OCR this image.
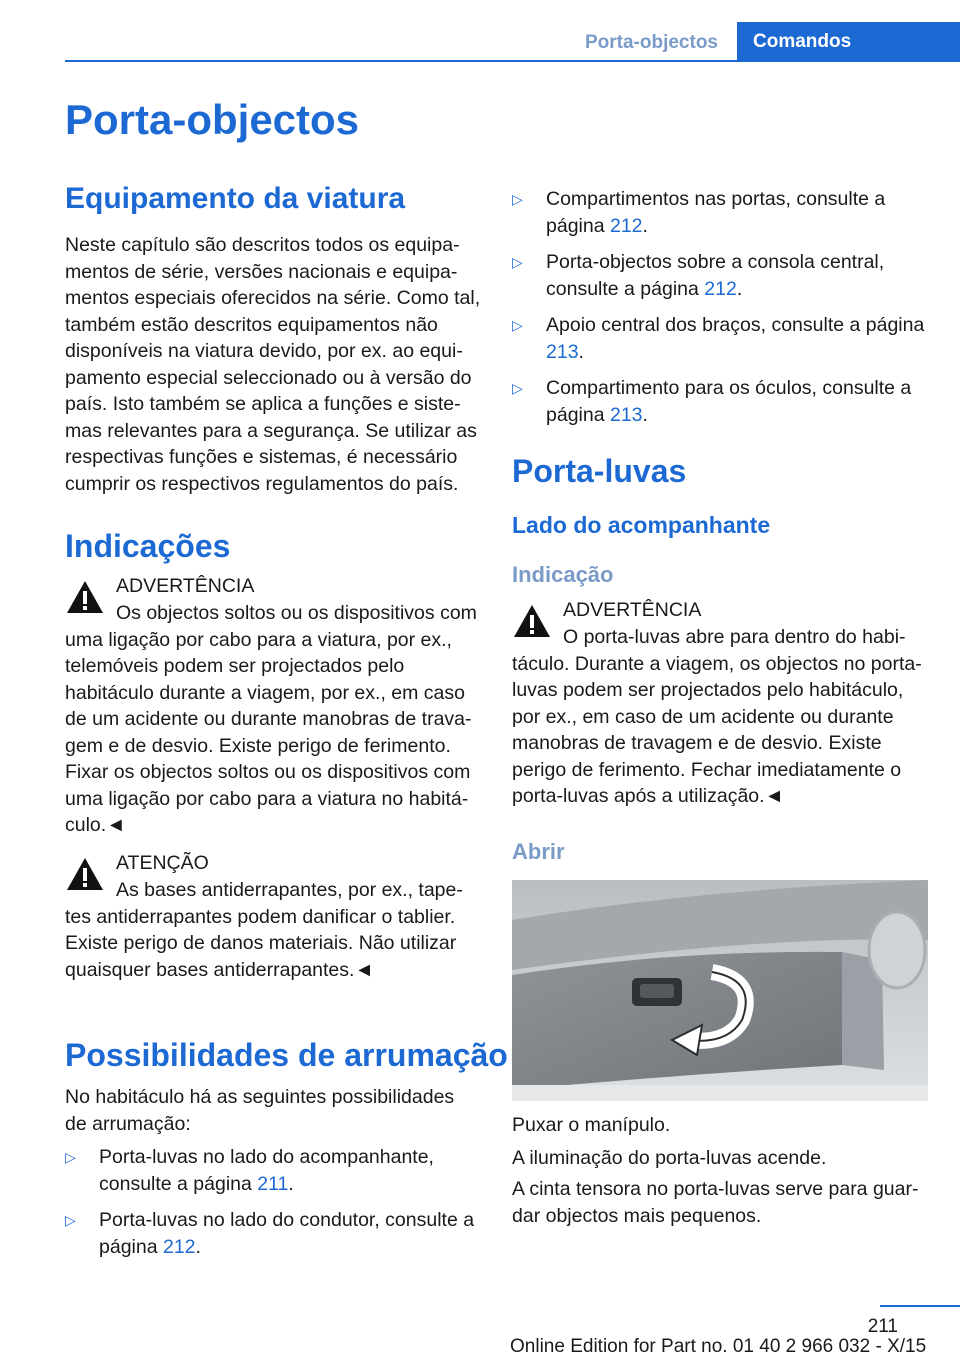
Porta-objectos	Comandos
Porta-objectos
Equipamento da viatura

Neste capítulo são descritos todos os equipamentos de série, versões nacionais e equipamentos especiais oferecidos na série. Como tal, também estão descritos equipamentos não disponíveis na viatura devido, por ex. ao equipamento especial seleccionado ou à versão do país. Isto também se aplica a funções e sistemas relevantes para a segurança. Se utilizar as respectivas funções e sistemas, é necessário cumprir os respectivos regulamentos do país.

Indicações
ADVERTÊNCIA

Os objectos soltos ou os dispositivos com uma ligação por cabo para a viatura, por ex., telemóveis podem ser projectados pelo habitáculo durante a viagem, por ex., em caso de um acidente ou durante manobras de travagem e de desvio. Existe perigo de ferimento. Fixar os objectos soltos ou os dispositivos com uma ligação por cabo para a viatura no habitáculo.◄

ATENÇÃO

As bases antiderrapantes, por ex., tapetes antiderrapantes podem danificar o tablier. Existe perigo de danos materiais. Não utilizar quaisquer bases antiderrapantes.◄

Possibilidades de arrumação

No habitáculo há as seguintes possibilidades de arrumação:

▷ Porta-luvas no lado do acompanhante, consulte a página 211.
▷ Porta-luvas no lado do condutor, consulte a página 212.
▷ Compartimentos nas portas, consulte a página 212.
▷ Porta-objectos sobre a consola central, consulte a página 212.
▷ Apoio central dos braços, consulte a página 213.
▷ Compartimento para os óculos, consulte a página 213.
Porta-luvas
Lado do acompanhante
Indicação
ADVERTÊNCIA

O porta-luvas abre para dentro do habitáculo. Durante a viagem, os objectos no porta-luvas podem ser projectados pelo habitáculo, por ex., em caso de um acidente ou durante manobras de travagem e de desvio. Existe perigo de ferimento. Fechar imediatamente o porta-luvas após a utilização.◄

Abrir

Puxar o manípulo.

A iluminação do porta-luvas acende.

A cinta tensora no porta-luvas serve para guardar objectos mais pequenos.

211
Online Edition for Part no. 01 40 2 966 032 - X/15
